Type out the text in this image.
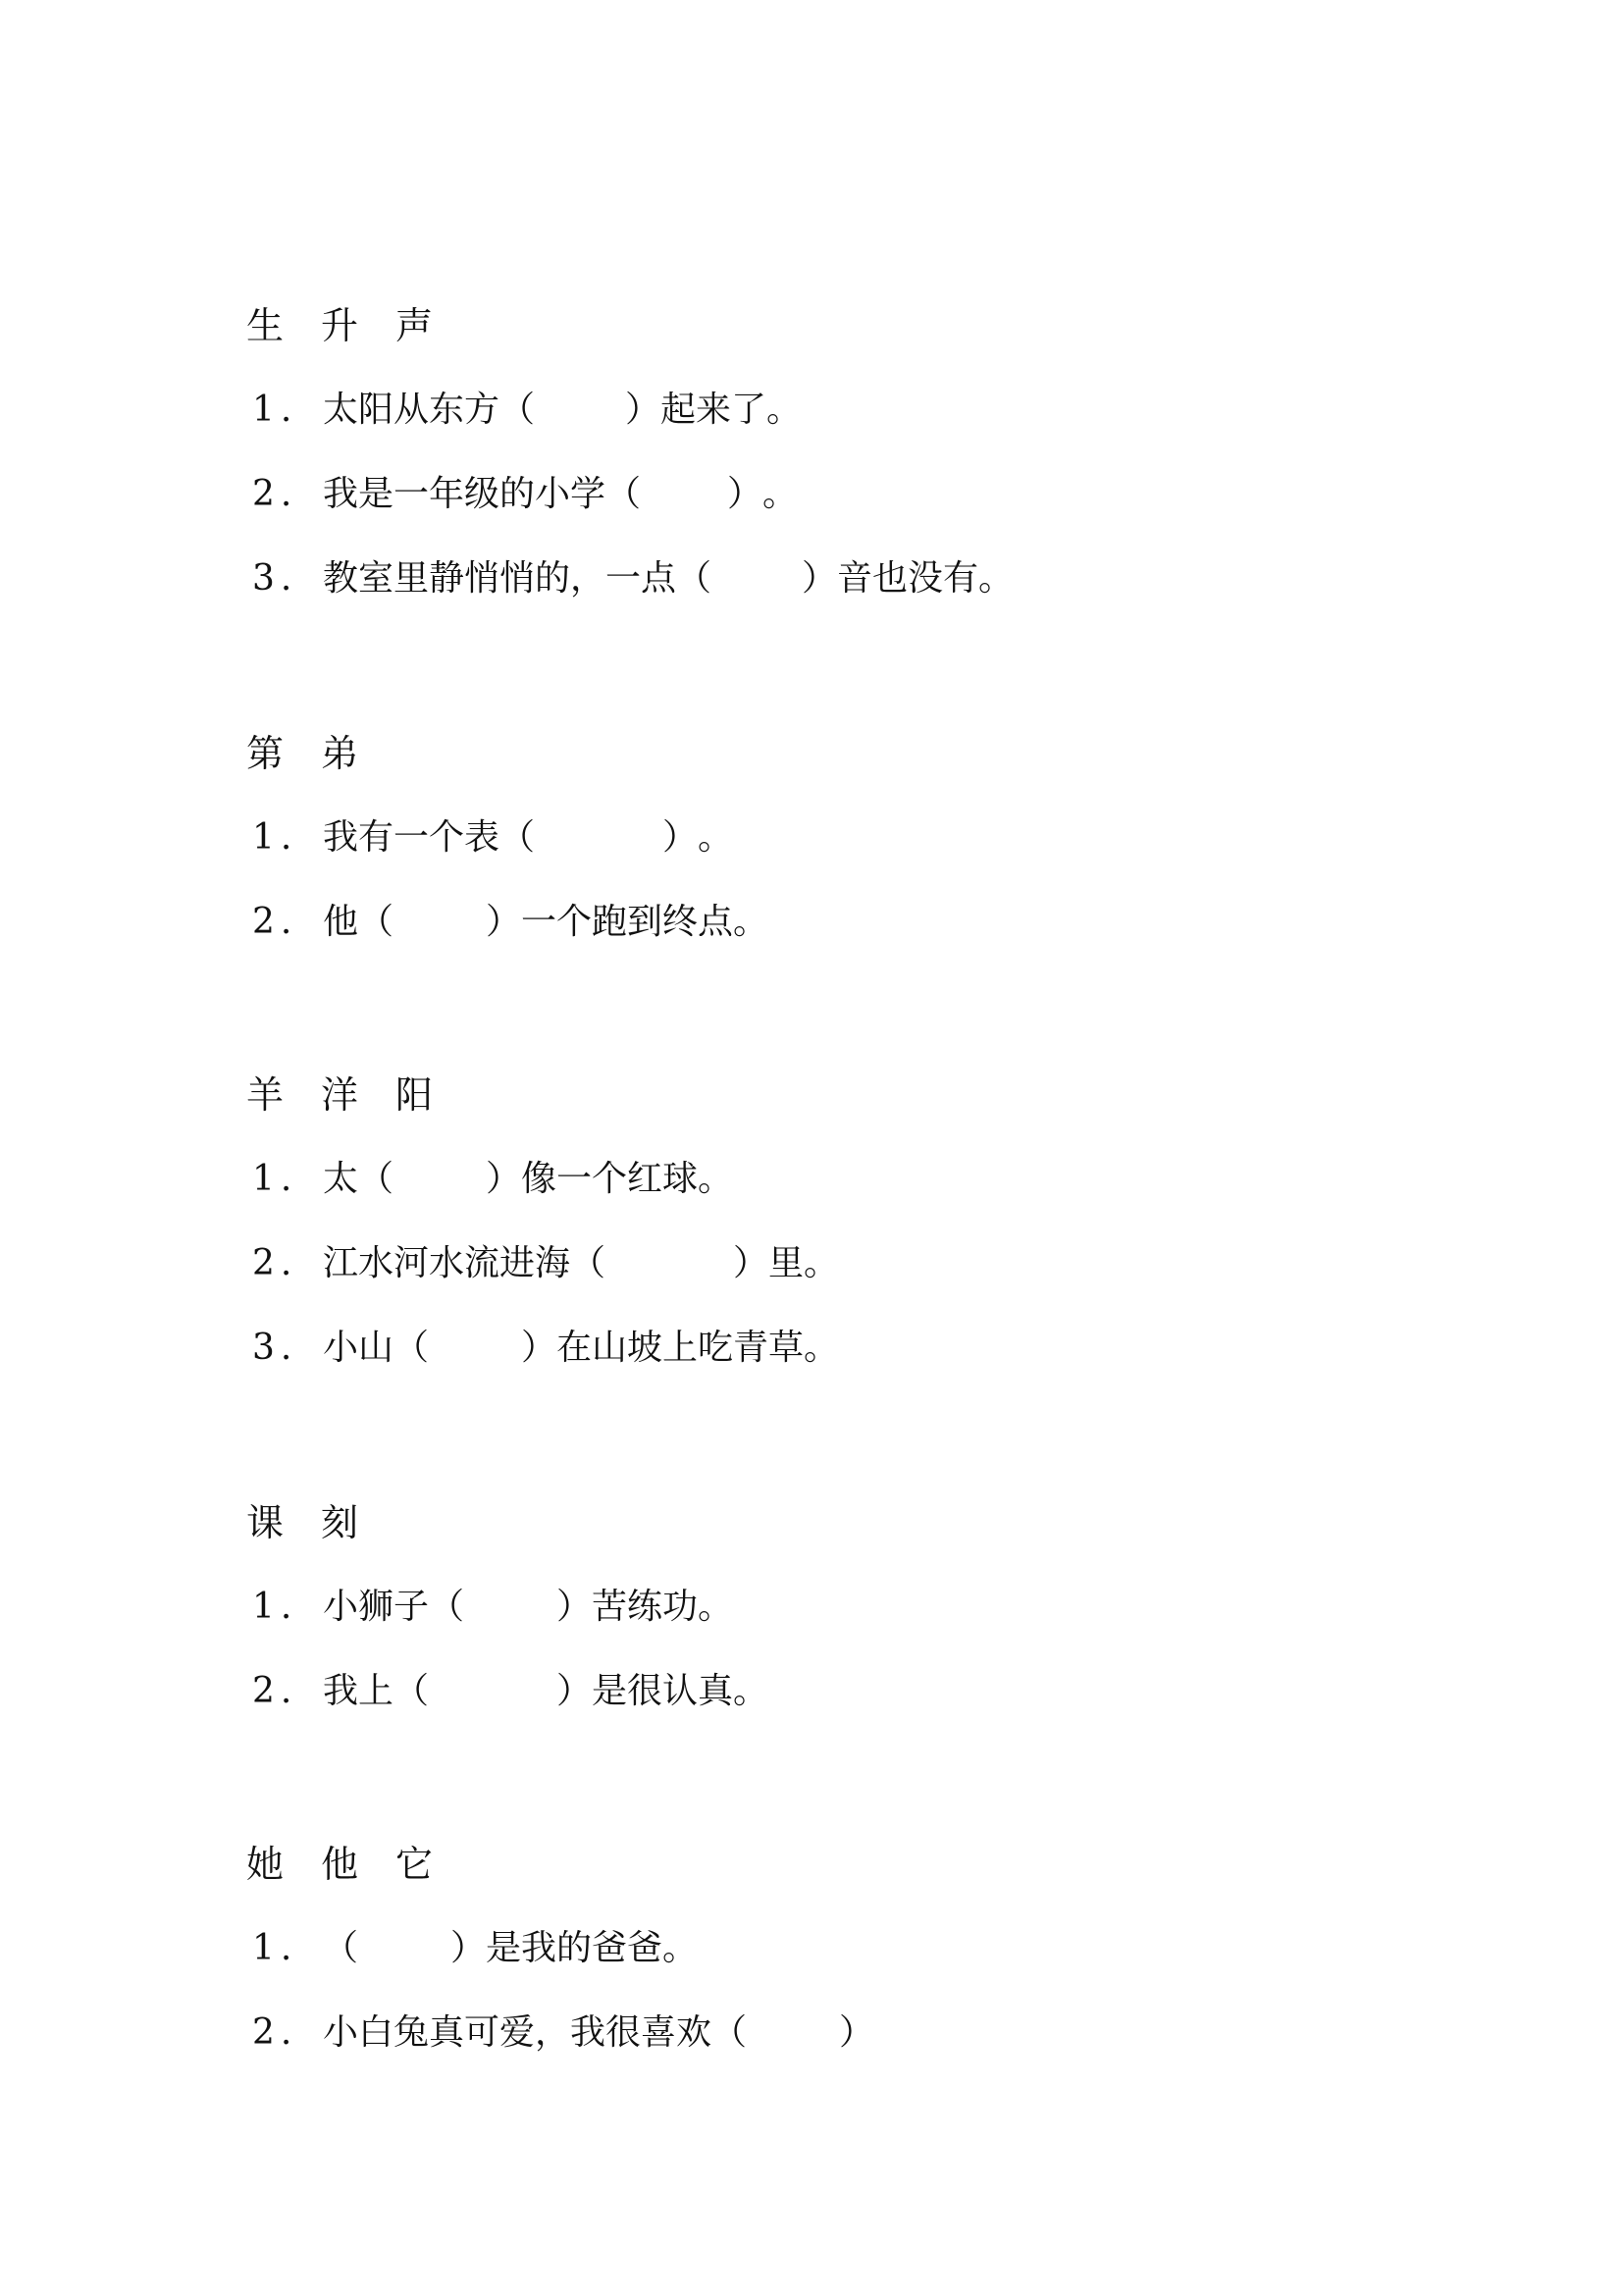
生 升 声
1. 太阳从东方（	）起来了。
2. 我是一年级的小学（ ）。
3. 教室里静悄悄的，一点（	）音也没有。
第 弟
1. 我有一个表（	）。
2. 他（	）一个跑到终点。
羊 洋 阳
1. 太（	）像一个红球。
2. 江水河水流进海（	）里。
3. 小山（	）在山坡上吃青草。
课 刻
1. 小狮子（	）苦练功。
2. 我上（	）是很认真。
她 他 它
1. （	）是我的爸爸。
2. 小白兔真可爱，我很喜欢（	）
